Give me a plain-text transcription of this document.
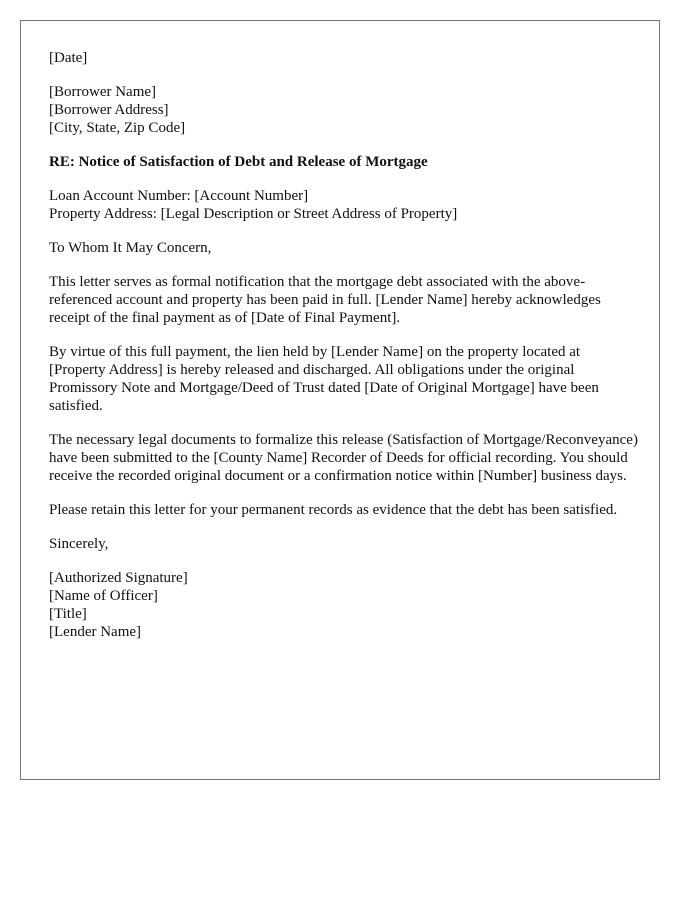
[Date]
[Borrower Name]
[Borrower Address]
[City, State, Zip Code]
RE: Notice of Satisfaction of Debt and Release of Mortgage
Loan Account Number: [Account Number]
Property Address: [Legal Description or Street Address of Property]
To Whom It May Concern,
This letter serves as formal notification that the mortgage debt associated with the above-referenced account and property has been paid in full. [Lender Name] hereby acknowledges receipt of the final payment as of [Date of Final Payment].
By virtue of this full payment, the lien held by [Lender Name] on the property located at [Property Address] is hereby released and discharged. All obligations under the original Promissory Note and Mortgage/Deed of Trust dated [Date of Original Mortgage] have been satisfied.
The necessary legal documents to formalize this release (Satisfaction of Mortgage/Reconveyance) have been submitted to the [County Name] Recorder of Deeds for official recording. You should receive the recorded original document or a confirmation notice within [Number] business days.
Please retain this letter for your permanent records as evidence that the debt has been satisfied.
Sincerely,
[Authorized Signature]
[Name of Officer]
[Title]
[Lender Name]
